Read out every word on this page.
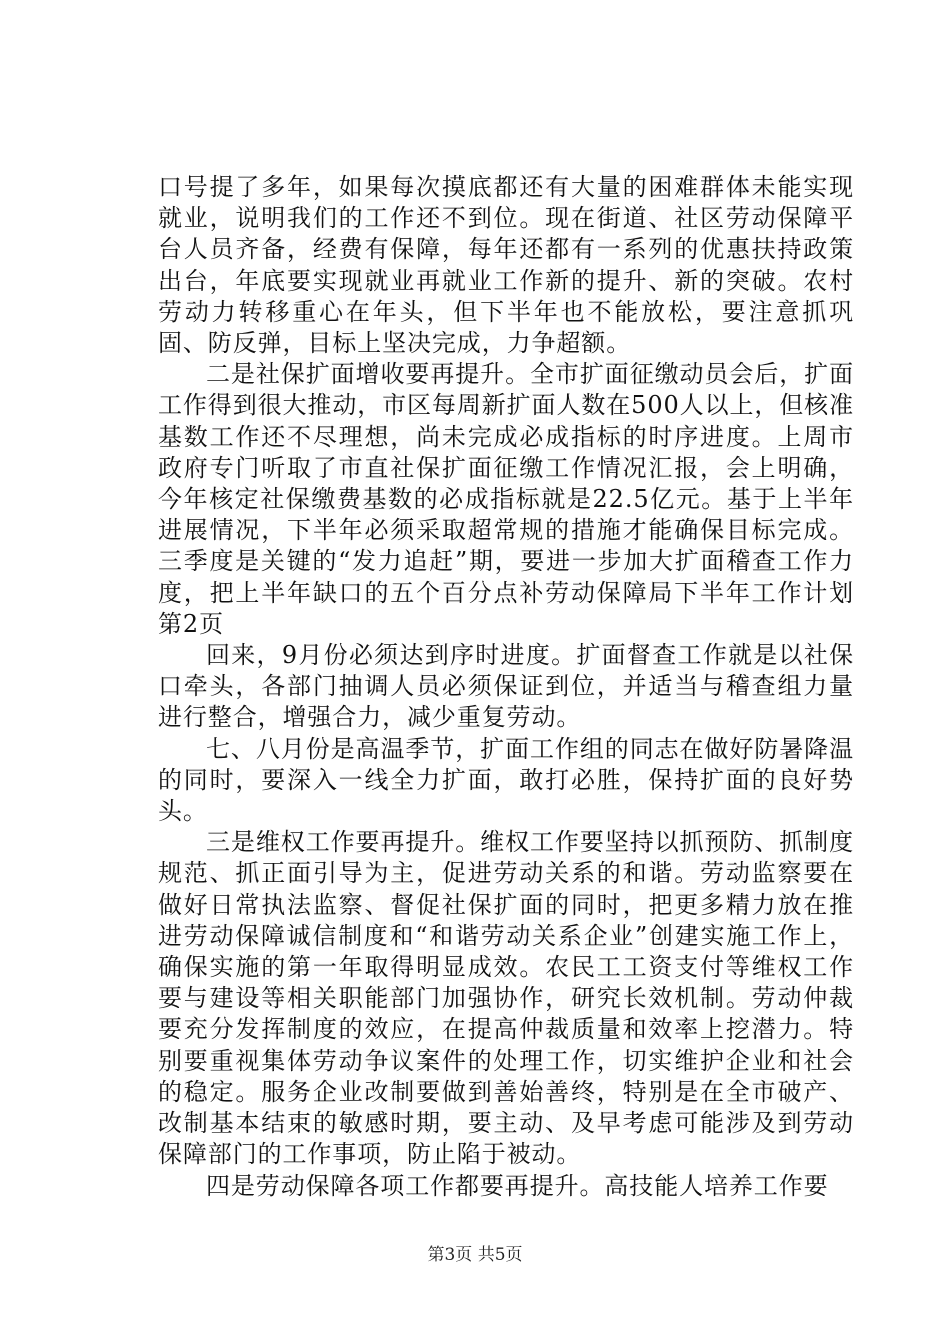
口号提了多年，如果每次摸底都还有大量的困难群体未能实现就业，说明我们的工作还不到位。现在街道、社区劳动保障平台人员齐备，经费有保障，每年还都有一系列的优惠扶持政策出台，年底要实现就业再就业工作新的提升、新的突破。农村劳动力转移重心在年头，但下半年也不能放松，要注意抓巩固、防反弹，目标上坚决完成，力争超额。

二是社保扩面增收要再提升。全市扩面征缴动员会后，扩面工作得到很大推动，市区每周新扩面人数在500人以上，但核准基数工作还不尽理想，尚未完成必成指标的时序进度。上周市政府专门听取了市直社保扩面征缴工作情况汇报，会上明确，今年核定社保缴费基数的必成指标就是22.5亿元。基于上半年进展情况，下半年必须采取超常规的措施才能确保目标完成。三季度是关键的“发力追赶”期，要进一步加大扩面稽查工作力度，把上半年缺口的五个百分点补劳动保障局下半年工作计划第2页

回来，9月份必须达到序时进度。扩面督查工作就是以社保口牵头，各部门抽调人员必须保证到位，并适当与稽查组力量进行整合，增强合力，减少重复劳动。

七、八月份是高温季节，扩面工作组的同志在做好防暑降温的同时，要深入一线全力扩面，敢打必胜，保持扩面的良好势头。

三是维权工作要再提升。维权工作要坚持以抓预防、抓制度规范、抓正面引导为主，促进劳动关系的和谐。劳动监察要在做好日常执法监察、督促社保扩面的同时，把更多精力放在推进劳动保障诚信制度和“和谐劳动关系企业”创建实施工作上，确保实施的第一年取得明显成效。农民工工资支付等维权工作要与建设等相关职能部门加强协作，研究长效机制。劳动仲裁要充分发挥制度的效应，在提高仲裁质量和效率上挖潜力。特别要重视集体劳动争议案件的处理工作，切实维护企业和社会的稳定。服务企业改制要做到善始善终，特别是在全市破产、改制基本结束的敏感时期，要主动、及早考虑可能涉及到劳动保障部门的工作事项，防止陷于被动。

四是劳动保障各项工作都要再提升。高技能人培养工作要

第3页 共5页
